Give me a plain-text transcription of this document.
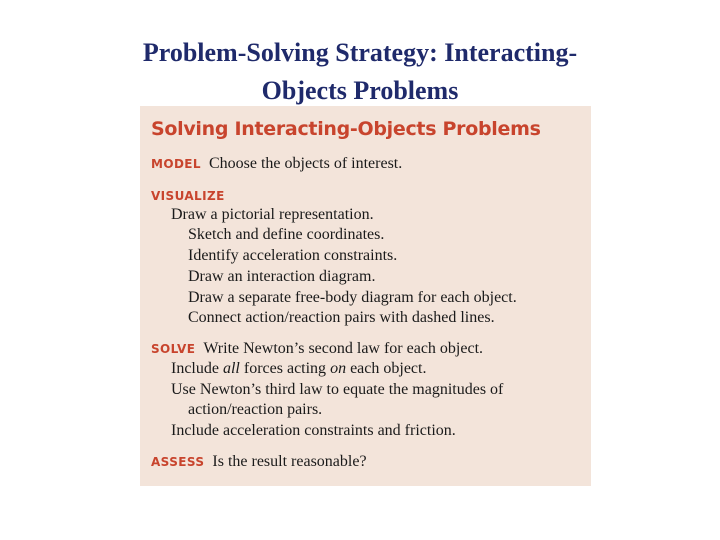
Problem-Solving Strategy: Interacting-
Objects Problems
Solving Interacting-Objects Problems
MODEL Choose the objects of interest.
VISUALIZE
Draw a pictorial representation.
Sketch and define coordinates.
Identify acceleration constraints.
Draw an interaction diagram.
Draw a separate free-body diagram for each object.
Connect action/reaction pairs with dashed lines.
SOLVE Write Newton’s second law for each object.
Include all forces acting on each object.
Use Newton’s third law to equate the magnitudes of
action/reaction pairs.
Include acceleration constraints and friction.
ASSESS Is the result reasonable?
